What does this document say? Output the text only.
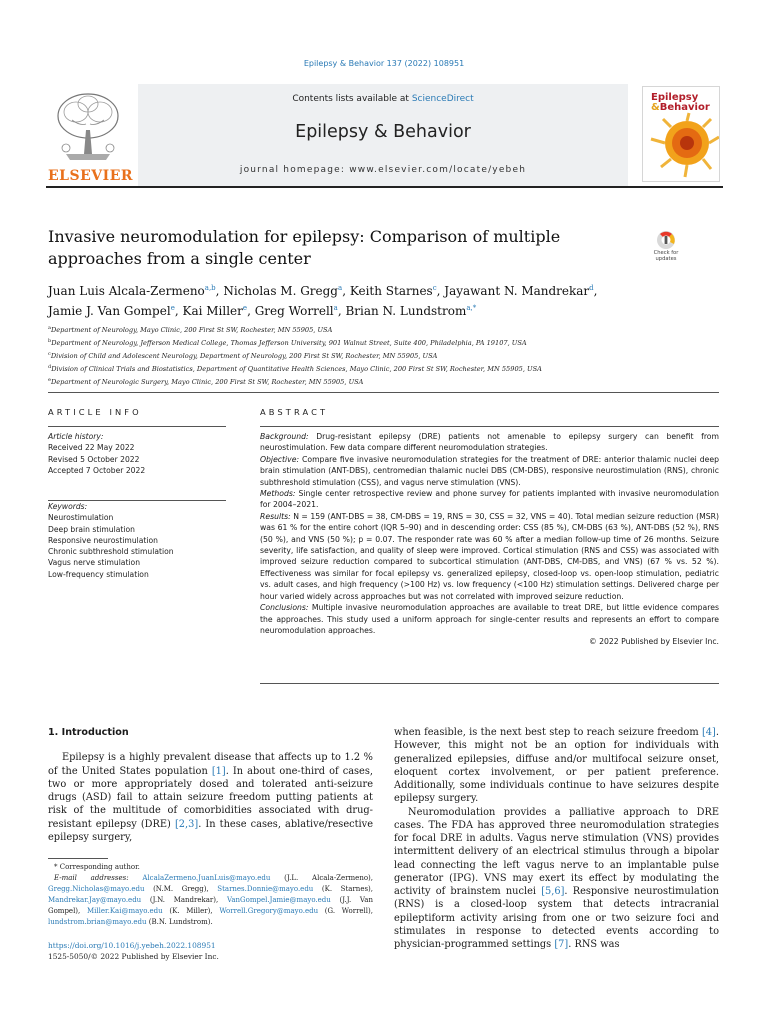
Epilepsy & Behavior 137 (2022) 108951
ELSEVIER
Contents lists available at ScienceDirect
Epilepsy & Behavior
journal homepage: www.elsevier.com/locate/yebeh
Epilepsy
&Behavior
Invasive neuromodulation for epilepsy: Comparison of multiple approaches from a single center	Check for updates
Juan Luis Alcala-Zermeno$^{a,b}$, Nicholas M. Gregg$^a$, Keith Starnes$^c$, Jayawant N. Mandrekar$^d$,
Jamie J. Van Gompel$^e$, Kai Miller$^e$, Greg Worrell$^a$, Brian N. Lundstrom$^{a,*}$
$^a$Department of Neurology, Mayo Clinic, 200 First St SW, Rochester, MN 55905, USA
$^b$Department of Neurology, Jefferson Medical College, Thomas Jefferson University, 901 Walnut Street, Suite 400, Philadelphia, PA 19107, USA
$^c$Division of Child and Adolescent Neurology, Department of Neurology, 200 First St SW, Rochester, MN 55905, USA
$^d$Division of Clinical Trials and Biostatistics, Department of Quantitative Health Sciences, Mayo Clinic, 200 First St SW, Rochester, MN 55905, USA
$^e$Department of Neurologic Surgery, Mayo Clinic, 200 First St SW, Rochester, MN 55905, USA
ARTICLE INFO
Article history:
Received 22 May 2022
Revised 5 October 2022
Accepted 7 October 2022
Keywords:
Neurostimulation
Deep brain stimulation
Responsive neurostimulation
Chronic subthreshold stimulation
Vagus nerve stimulation
Low-frequency stimulation
ABSTRACT

Background: Drug-resistant epilepsy (DRE) patients not amenable to epilepsy surgery can benefit from neurostimulation. Few data compare different neuromodulation strategies.

Objective: Compare five invasive neuromodulation strategies for the treatment of DRE: anterior thalamic nuclei deep brain stimulation (ANT-DBS), centromedian thalamic nuclei DBS (CM-DBS), responsive neurostimulation (RNS), chronic subthreshold stimulation (CSS), and vagus nerve stimulation (VNS).

Methods: Single center retrospective review and phone survey for patients implanted with invasive neuromodulation for 2004–2021.

Results: N = 159 (ANT-DBS = 38, CM-DBS = 19, RNS = 30, CSS = 32, VNS = 40). Total median seizure reduction (MSR) was 61 % for the entire cohort (IQR 5–90) and in descending order: CSS (85 %), CM-DBS (63 %), ANT-DBS (52 %), RNS (50 %), and VNS (50 %); p = 0.07. The responder rate was 60 % after a median follow-up time of 26 months. Seizure severity, life satisfaction, and quality of sleep were improved. Cortical stimulation (RNS and CSS) was associated with improved seizure reduction compared to subcortical stimulation (ANT-DBS, CM-DBS, and VNS) (67 % vs. 52 %). Effectiveness was similar for focal epilepsy vs. generalized epilepsy, closed-loop vs. open-loop stimulation, pediatric vs. adult cases, and high frequency (>100 Hz) vs. low frequency (<100 Hz) stimulation settings. Delivered charge per hour varied widely across approaches but was not correlated with improved seizure reduction.

Conclusions: Multiple invasive neuromodulation approaches are available to treat DRE, but little evidence compares the approaches. This study used a uniform approach for single-center results and represents an effort to compare neuromodulation approaches.

© 2022 Published by Elsevier Inc.

1. Introduction

Epilepsy is a highly prevalent disease that affects up to 1.2 % of the United States population [1]. In about one-third of cases, two or more appropriately dosed and tolerated anti-seizure drugs (ASD) fail to attain seizure freedom putting patients at risk of the multitude of comorbidities associated with drug-resistant epilepsy (DRE) [2,3]. In these cases, ablative/resective epilepsy surgery,

when feasible, is the next best step to reach seizure freedom [4]. However, this might not be an option for individuals with generalized epilepsies, diffuse and/or multifocal seizure onset, eloquent cortex involvement, or per patient preference. Additionally, some individuals continue to have seizures despite epilepsy surgery.

Neuromodulation provides a palliative approach to DRE cases. The FDA has approved three neuromodulation strategies for focal DRE in adults. Vagus nerve stimulation (VNS) provides intermittent delivery of an electrical stimulus through a bipolar lead connecting the left vagus nerve to an implantable pulse generator (IPG). VNS may exert its effect by modulating the activity of brainstem nuclei [5,6]. Responsive neurostimulation (RNS) is a closed-loop system that detects intracranial epileptiform activity arising from one or two seizure foci and stimulates in response to detected events according to physician-programmed settings [7]. RNS was

* Corresponding author.
E-mail addresses: AlcalaZermeno.JuanLuis@mayo.edu (J.L. Alcala-Zermeno), Gregg.Nicholas@mayo.edu (N.M. Gregg), Starnes.Donnie@mayo.edu (K. Starnes), Mandrekar.Jay@mayo.edu (J.N. Mandrekar), VanGompel.Jamie@mayo.edu (J.J. Van Gompel), Miller.Kai@mayo.edu (K. Miller), Worrell.Gregory@mayo.edu (G. Worrell), lundstrom.brian@mayo.edu (B.N. Lundstrom).
https://doi.org/10.1016/j.yebeh.2022.108951
1525-5050/© 2022 Published by Elsevier Inc.
